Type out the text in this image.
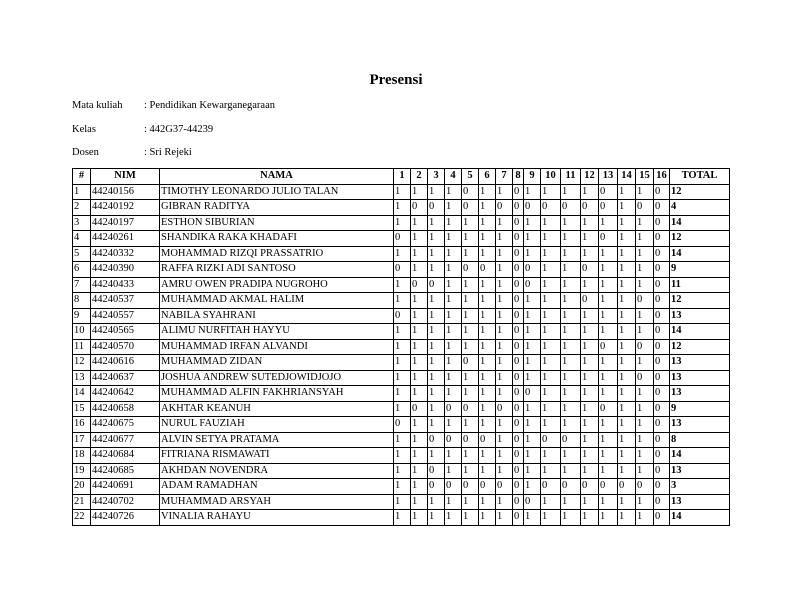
Presensi
Mata kuliah : Pendidikan Kewarganegaraan
Kelas	: 442G37-44239
Dosen	: Sri Rejeki
#	NIM	NAMA	1	2	3	4	5	6	7	8	9	10	11	12	13	14	15	16	TOTAL
1	44240156	TIMOTHY LEONARDO JULIO TALAN	1	1	1	1	0	1	1	0	1	1	1	1	0	1	1	0	12
2	44240192	GIBRAN RADITYA	1	0	0	1	0	1	0	0	0	0	0	0	0	1	0	0	4
3	44240197	ESTHON SIBURIAN	1	1	1	1	1	1	1	0	1	1	1	1	1	1	1	0	14
4	44240261	SHANDIKA RAKA KHADAFI	0	1	1	1	1	1	1	0	1	1	1	1	0	1	1	0	12
5	44240332	MOHAMMAD RIZQI PRASSATRIO	1	1	1	1	1	1	1	0	1	1	1	1	1	1	1	0	14
6	44240390	RAFFA RIZKI ADI SANTOSO	0	1	1	1	0	0	1	0	0	1	1	0	1	1	1	0	9
7	44240433	AMRU OWEN PRADIPA NUGROHO	1	0	0	1	1	1	1	0	0	1	1	1	1	1	1	0	11
8	44240537	MUHAMMAD AKMAL HALIM	1	1	1	1	1	1	1	0	1	1	1	0	1	1	0	0	12
9	44240557	NABILA SYAHRANI	0	1	1	1	1	1	1	0	1	1	1	1	1	1	1	0	13
10	44240565	ALIMU NURFITAH HAYYU	1	1	1	1	1	1	1	0	1	1	1	1	1	1	1	0	14
11	44240570	MUHAMMAD IRFAN ALVANDI	1	1	1	1	1	1	1	0	1	1	1	1	0	1	0	0	12
12	44240616	MUHAMMAD ZIDAN	1	1	1	1	0	1	1	0	1	1	1	1	1	1	1	0	13
13	44240637	JOSHUA ANDREW SUTEDJOWIDJOJO	1	1	1	1	1	1	1	0	1	1	1	1	1	1	0	0	13
14	44240642	MUHAMMAD ALFIN FAKHRIANSYAH	1	1	1	1	1	1	1	0	0	1	1	1	1	1	1	0	13
15	44240658	AKHTAR KEANUH	1	0	1	0	0	1	0	0	1	1	1	1	0	1	1	0	9
16	44240675	NURUL FAUZIAH	0	1	1	1	1	1	1	0	1	1	1	1	1	1	1	0	13
17	44240677	ALVIN SETYA PRATAMA	1	1	0	0	0	0	1	0	1	0	0	1	1	1	1	0	8
18	44240684	FITRIANA RISMAWATI	1	1	1	1	1	1	1	0	1	1	1	1	1	1	1	0	14
19	44240685	AKHDAN NOVENDRA	1	1	0	1	1	1	1	0	1	1	1	1	1	1	1	0	13
20	44240691	ADAM RAMADHAN	1	1	0	0	0	0	0	0	1	0	0	0	0	0	0	0	3
21	44240702	MUHAMMAD ARSYAH	1	1	1	1	1	1	1	0	0	1	1	1	1	1	1	0	13
22	44240726	VINALIA RAHAYU	1	1	1	1	1	1	1	0	1	1	1	1	1	1	1	0	14
